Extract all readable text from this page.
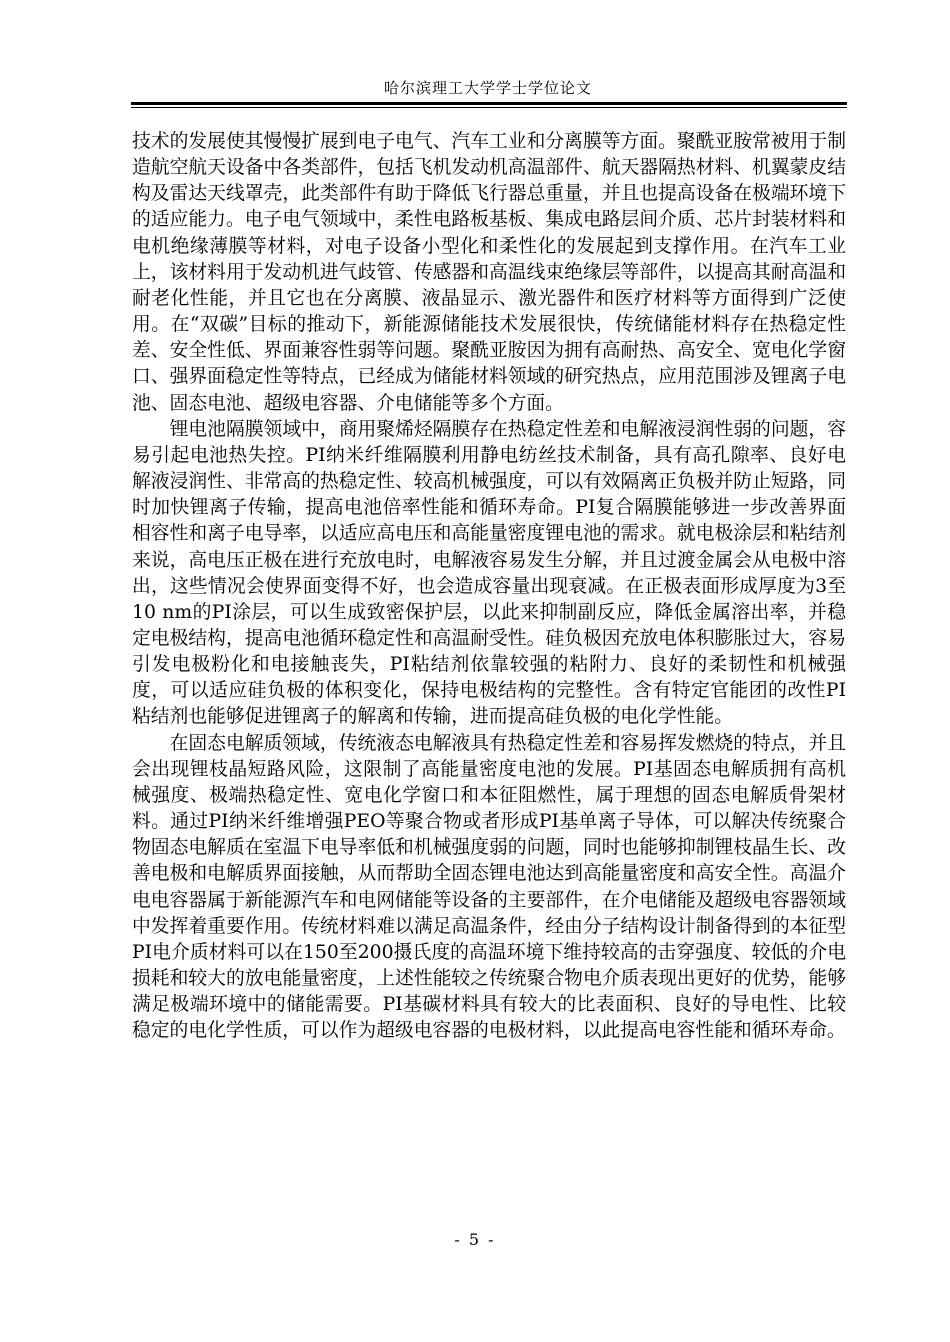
哈尔滨理工大学学士学位论文

技术的发展使其慢慢扩展到电子电气、汽车工业和分离膜等方面。聚酰亚胺常被用于制造航空航天设备中各类部件，包括飞机发动机高温部件、航天器隔热材料、机翼蒙皮结构及雷达天线罩壳，此类部件有助于降低飞行器总重量，并且也提高设备在极端环境下的适应能力。电子电气领域中，柔性电路板基板、集成电路层间介质、芯片封装材料和电机绝缘薄膜等材料，对电子设备小型化和柔性化的发展起到支撑作用。在汽车工业上，该材料用于发动机进气歧管、传感器和高温线束绝缘层等部件，以提高其耐高温和耐老化性能，并且它也在分离膜、液晶显示、激光器件和医疗材料等方面得到广泛使用。在“双碳”目标的推动下，新能源储能技术发展很快，传统储能材料存在热稳定性差、安全性低、界面兼容性弱等问题。聚酰亚胺因为拥有高耐热、高安全、宽电化学窗口、强界面稳定性等特点，已经成为储能材料领域的研究热点，应用范围涉及锂离子电池、固态电池、超级电容器、介电储能等多个方面。

锂电池隔膜领域中，商用聚烯烃隔膜存在热稳定性差和电解液浸润性弱的问题，容易引起电池热失控。PI纳米纤维隔膜利用静电纺丝技术制备，具有高孔隙率、良好电解液浸润性、非常高的热稳定性、较高机械强度，可以有效隔离正负极并防止短路，同时加快锂离子传输，提高电池倍率性能和循环寿命。PI复合隔膜能够进一步改善界面相容性和离子电导率，以适应高电压和高能量密度锂电池的需求。就电极涂层和粘结剂来说，高电压正极在进行充放电时，电解液容易发生分解，并且过渡金属会从电极中溶出，这些情况会使界面变得不好，也会造成容量出现衰减。在正极表面形成厚度为3至10 nm的PI涂层，可以生成致密保护层，以此来抑制副反应，降低金属溶出率，并稳定电极结构，提高电池循环稳定性和高温耐受性。硅负极因充放电体积膨胀过大，容易引发电极粉化和电接触丧失，PI粘结剂依靠较强的粘附力、良好的柔韧性和机械强度，可以适应硅负极的体积变化，保持电极结构的完整性。含有特定官能团的改性PI粘结剂也能够促进锂离子的解离和传输，进而提高硅负极的电化学性能。

在固态电解质领域，传统液态电解液具有热稳定性差和容易挥发燃烧的特点，并且会出现锂枝晶短路风险，这限制了高能量密度电池的发展。PI基固态电解质拥有高机械强度、极端热稳定性、宽电化学窗口和本征阻燃性，属于理想的固态电解质骨架材料。通过PI纳米纤维增强PEO等聚合物或者形成PI基单离子导体，可以解决传统聚合物固态电解质在室温下电导率低和机械强度弱的问题，同时也能够抑制锂枝晶生长、改善电极和电解质界面接触，从而帮助全固态锂电池达到高能量密度和高安全性。高温介电电容器属于新能源汽车和电网储能等设备的主要部件，在介电储能及超级电容器领域中发挥着重要作用。传统材料难以满足高温条件，经由分子结构设计制备得到的本征型PI电介质材料可以在150至200摄氏度的高温环境下维持较高的击穿强度、较低的介电损耗和较大的放电能量密度，上述性能较之传统聚合物电介质表现出更好的优势，能够满足极端环境中的储能需要。PI基碳材料具有较大的比表面积、良好的导电性、比较稳定的电化学性质，可以作为超级电容器的电极材料，以此提高电容性能和循环寿命。

- 5 -
